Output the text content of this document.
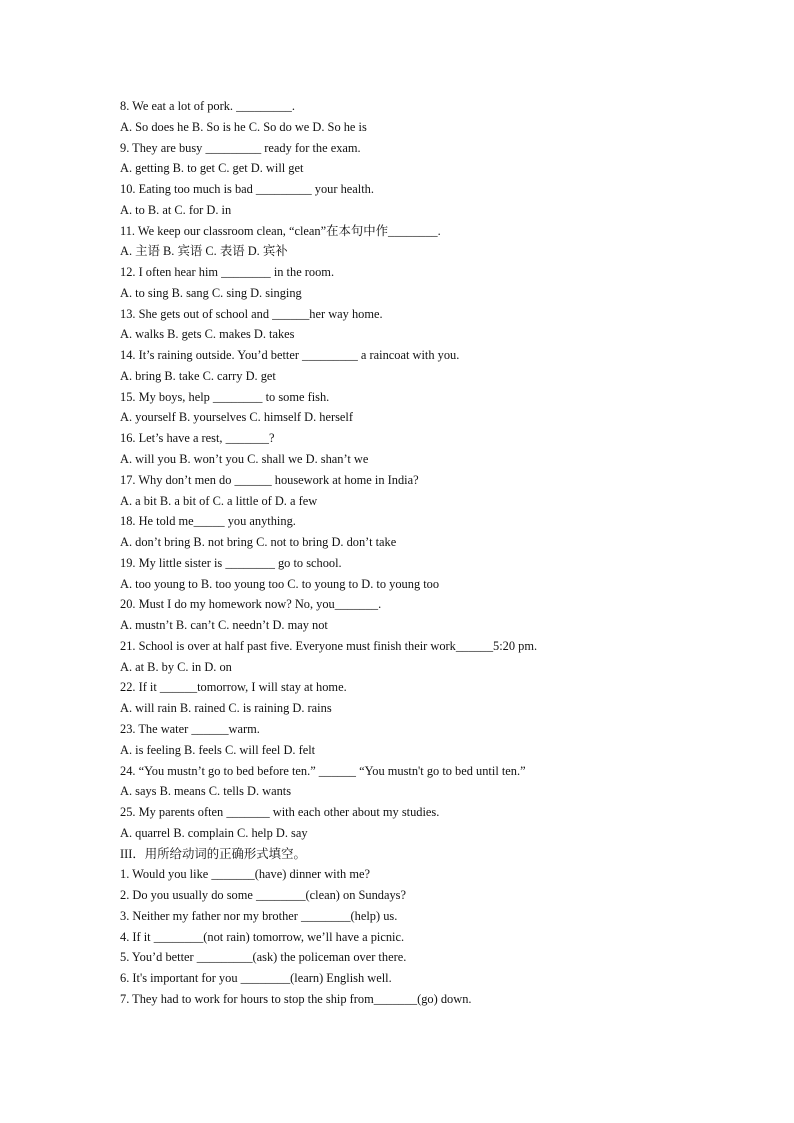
8. We eat a lot of pork. _________.
A. So does he B. So is he C. So do we D. So he is
9. They are busy _________ ready for the exam.
A. getting B. to get C. get D. will get
10. Eating too much is bad _________ your health.
A. to B. at C. for D. in
11. We keep our classroom clean, “clean”在本句中作________.
A. 主语 B. 宾语 C. 表语 D. 宾补
12. I often hear him ________ in the room.
A. to sing B. sang C. sing D. singing
13. She gets out of school and ______her way home.
A. walks B. gets C. makes D. takes
14. It’s raining outside. You’d better _________ a raincoat with you.
A. bring B. take C. carry D. get
15. My boys, help ________ to some fish.
A. yourself B. yourselves C. himself D. herself
16. Let’s have a rest, _______?
A. will you B. won’t you C. shall we D. shan’t we
17. Why don’t men do ______ housework at home in India?
A. a bit B. a bit of C. a little of D. a few
18. He told me_____ you anything.
A. don’t bring B. not bring C. not to bring D. don’t take
19. My little sister is ________ go to school.
A. too young to B. too young too C. to young to D. to young too
20. Must I do my homework now? No, you_______.
A. mustn’t B. can’t C. needn’t D. may not
21. School is over at half past five. Everyone must finish their work______5:20 pm.
A. at B. by C. in D. on
22. If it ______tomorrow, I will stay at home.
A. will rain B. rained C. is raining D. rains
23. The water ______warm.
A. is feeling B. feels C. will feel D. felt
24. “You mustn’t go to bed before ten.” ______ “You mustn't go to bed until ten.”
A. says B. means C. tells D. wants
25. My parents often _______ with each other about my studies.
A. quarrel B. complain C. help D. say
III．用所给动词的正确形式填空。
1. Would you like _______(have) dinner with me?
2. Do you usually do some ________(clean) on Sundays?
3. Neither my father nor my brother ________(help) us.
4. If it ________(not rain) tomorrow, we’ll have a picnic.
5. You’d better _________(ask) the policeman over there.
6. It's important for you ________(learn) English well.
7. They had to work for hours to stop the ship from_______(go) down.
